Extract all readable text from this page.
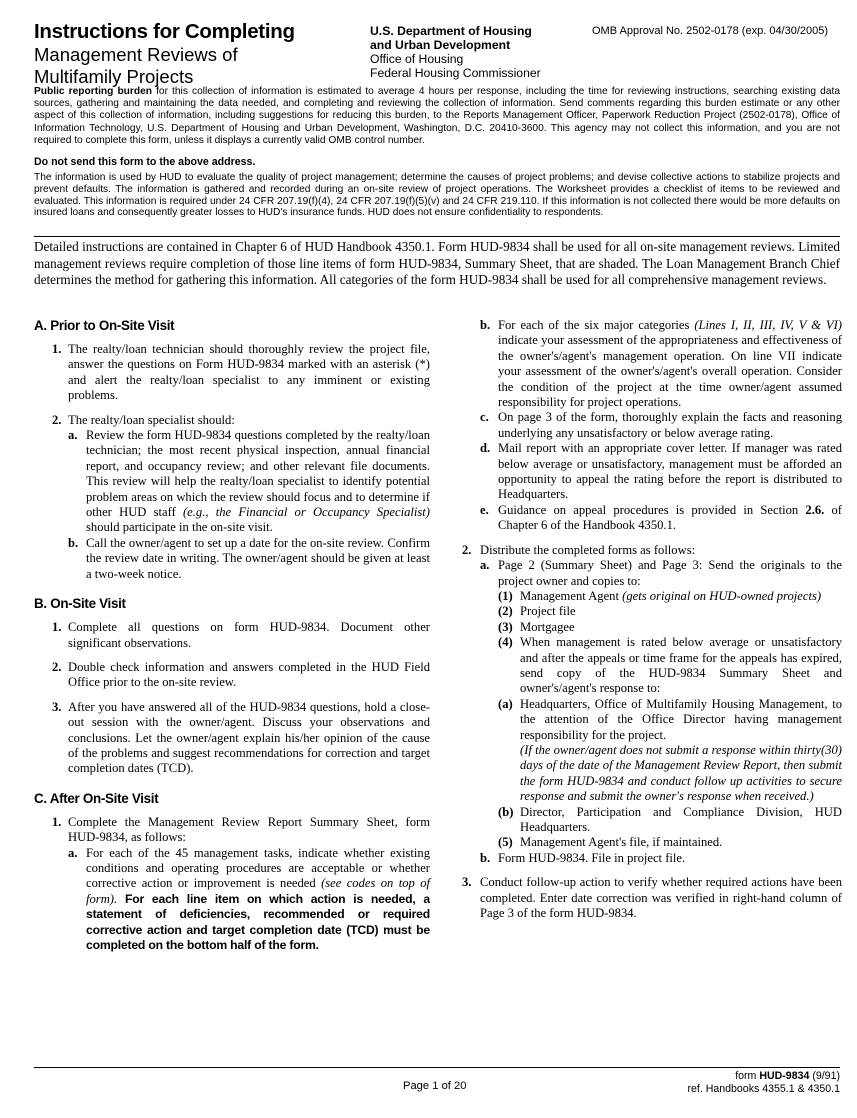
Instructions for Completing
Management Reviews of
Multifamily Projects
U.S. Department of Housing
and Urban Development
Office of Housing
Federal Housing Commissioner
OMB Approval No. 2502-0178 (exp. 04/30/2005)
Public reporting burden for this collection of information is estimated to average 4 hours per response, including the time for reviewing instructions, searching existing data sources, gathering and maintaining the data needed, and completing and reviewing the collection of information. Send comments regarding this burden estimate or any other aspect of this collection of information, including suggestions for reducing this burden, to the Reports Management Officer, Paperwork Reduction Project (2502-0178), Office of Information Technology, U.S. Department of Housing and Urban Development, Washington, D.C. 20410-3600. This agency may not collect this information, and you are not required to complete this form, unless it displays a currently valid OMB control number.
Do not send this form to the above address.
The information is used by HUD to evaluate the quality of project management; determine the causes of project problems; and devise collective actions to stabilize projects and prevent defaults. The information is gathered and recorded during an on-site review of project operations. The Worksheet provides a checklist of items to be reviewed and evaluated. This information is required under 24 CFR 207.19(f)(4), 24 CFR 207.19(f)(5)(v) and 24 CFR 219.110. If this information is not collected there would be more defaults on insured loans and consequently greater losses to HUD's insurance funds. HUD does not ensure confidentiality to respondents.
Detailed instructions are contained in Chapter 6 of HUD Handbook 4350.1. Form HUD-9834 shall be used for all on-site management reviews. Limited management reviews require completion of those line items of form HUD-9834, Summary Sheet, that are shaded. The Loan Management Branch Chief determines the method for gathering this information. All categories of the form HUD-9834 shall be used for all comprehensive management reviews.
A. Prior to On-Site Visit
1. The realty/loan technician should thoroughly review the project file, answer the questions on Form HUD-9834 marked with an asterisk (*) and alert the realty/loan specialist to any imminent or existing problems.
2. The realty/loan specialist should:
a. Review the form HUD-9834 questions completed by the realty/loan technician; the most recent physical inspection, annual financial report, and occupancy review; and other relevant file documents. This review will help the realty/loan specialist to identify potential problem areas on which the review should focus and to determine if other HUD staff (e.g., the Financial or Occupancy Specialist) should participate in the on-site visit.
b. Call the owner/agent to set up a date for the on-site review. Confirm the review date in writing. The owner/agent should be given at least a two-week notice.
B. On-Site Visit
1. Complete all questions on form HUD-9834. Document other significant observations.
2. Double check information and answers completed in the HUD Field Office prior to the on-site review.
3. After you have answered all of the HUD-9834 questions, hold a close-out session with the owner/agent. Discuss your observations and conclusions. Let the owner/agent explain his/her opinion of the cause of the problems and suggest recommendations for correction and target completion dates (TCD).
C. After On-Site Visit
1. Complete the Management Review Report Summary Sheet, form HUD-9834, as follows:
a. For each of the 45 management tasks, indicate whether existing conditions and operating procedures are acceptable or whether corrective action or improvement is needed (see codes on top of form). For each line item on which action is needed, a statement of deficiencies, recommended or required corrective action and target completion date (TCD) must be completed on the bottom half of the form.
b. For each of the six major categories (Lines I, II, III, IV, V & VI) indicate your assessment of the appropriateness and effectiveness of the owner's/agent's management operation. On line VII indicate your assessment of the owner's/agent's overall operation. Consider the condition of the project at the time owner/agent assumed responsibility for project operations.
c. On page 3 of the form, thoroughly explain the facts and reasoning underlying any unsatisfactory or below average rating.
d. Mail report with an appropriate cover letter. If manager was rated below average or unsatisfactory, management must be afforded an opportunity to appeal the rating before the report is distributed to Headquarters.
e. Guidance on appeal procedures is provided in Section 2.6. of Chapter 6 of the Handbook 4350.1.
2. Distribute the completed forms as follows:
a. Page 2 (Summary Sheet) and Page 3: Send the originals to the project owner and copies to:
(1) Management Agent (gets original on HUD-owned projects)
(2) Project file
(3) Mortgagee
(4) When management is rated below average or unsatisfactory and after the appeals or time frame for the appeals has expired, send copy of the HUD-9834 Summary Sheet and owner's/agent's response to:
(a) Headquarters, Office of Multifamily Housing Management, to the attention of the Office Director having management responsibility for the project.
(If the owner/agent does not submit a response within thirty(30) days of the date of the Management Review Report, then submit the form HUD-9834 and conduct follow up activities to secure response and submit the owner's response when received.)
(b) Director, Participation and Compliance Division, HUD Headquarters.
(5) Management Agent's file, if maintained.
b. Form HUD-9834. File in project file.
3. Conduct follow-up action to verify whether required actions have been completed. Enter date correction was verified in right-hand column of Page 3 of the form HUD-9834.
Page 1 of 20
form HUD-9834 (9/91)
ref. Handbooks 4355.1 & 4350.1
